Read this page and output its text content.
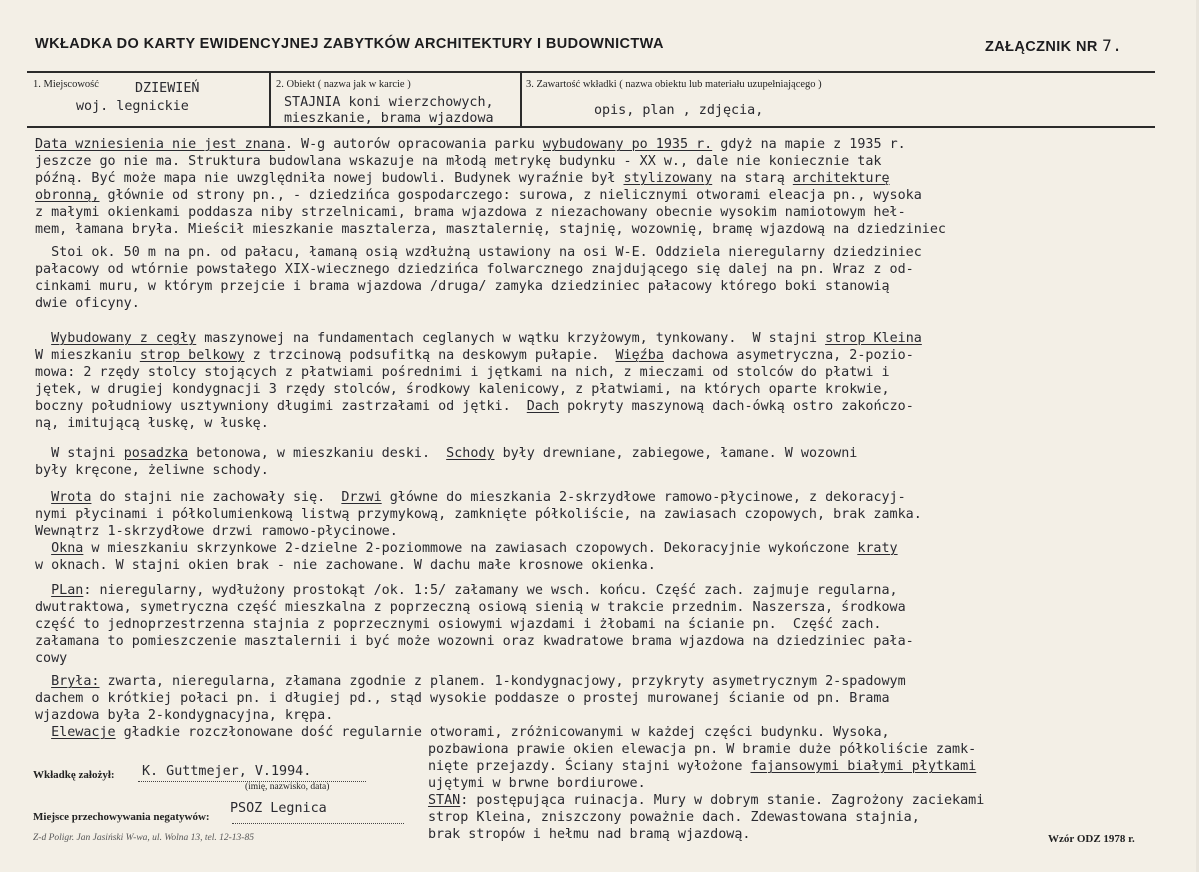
WKŁADKA DO KARTY EWIDENCYJNEJ ZABYTKÓW ARCHITEKTURY I BUDOWNICTWA	ZAŁĄCZNIK NR 7.
1. Miejscowość	DZIEWIEŃ
woj. legnickie
2. Obiekt ( nazwa jak w karcie )
STAJNIA koni wierzchowych,
mieszkanie, brama wjazdowa
3. Zawartość wkładki ( nazwa obiektu lub materiału uzupełniającego )
opis, plan , zdjęcia,
Data wzniesienia nie jest znana. W-g autorów opracowania parku wybudowany po 1935 r. gdyż na mapie z 1935 r.
jeszcze go nie ma. Struktura budowlana wskazuje na młodą metrykę budynku - XX w., dale nie koniecznie tak
późną. Być może mapa nie uwzględniła nowej budowli. Budynek wyraźnie był stylizowany na starą architekturę
obronną, głównie od strony pn., - dziedzińca gospodarczego: surowa, z nielicznymi otworami eleacja pn., wysoka
z małymi okienkami poddasza niby strzelnicami, brama wjazdowa z niezachowany obecnie wysokim namiotowym heł-
mem, łamana bryła. Mieścił mieszkanie masztalerza, masztalernię, stajnię, wozownię, bramę wjazdową na dziedziniec
Stoi ok. 50 m na pn. od pałacu, łamaną osią wzdłużną ustawiony na osi W-E. Oddziela nieregularny dziedziniec
pałacowy od wtórnie powstałego XIX-wiecznego dziedzińca folwarcznego znajdującego się dalej na pn. Wraz z od-
cinkami muru, w którym przejcie i brama wjazdowa /druga/ zamyka dziedziniec pałacowy którego boki stanowią
dwie oficyny.
Wybudowany z cegły maszynowej na fundamentach ceglanych w wątku krzyżowym, tynkowany.  W stajni strop Kleina
W mieszkaniu strop belkowy z trzcinową podsufitką na deskowym pułapie.  Więźba dachowa asymetryczna, 2-pozio-
mowa: 2 rzędy stolcy stojących z płatwiami pośrednimi i jętkami na nich, z mieczami od stolców do płatwi i
jętek, w drugiej kondygnacji 3 rzędy stolców, środkowy kalenicowy, z płatwiami, na których oparte krokwie,
boczny południowy usztywniony długimi zastrzałami od jętki.  Dach pokryty maszynową dach-ówką ostro zakończo-
ną, imitującą łuskę, w łuskę.
W stajni posadzka betonowa, w mieszkaniu deski.  Schody były drewniane, zabiegowe, łamane. W wozowni
były kręcone, żeliwne schody.
Wrota do stajni nie zachowały się.  Drzwi główne do mieszkania 2-skrzydłowe ramowo-płycinowe, z dekoracyj-
nymi płycinami i półkolumienkową listwą przymykową, zamknięte półkoliście, na zawiasach czopowych, brak zamka.
Wewnątrz 1-skrzydłowe drzwi ramowo-płycinowe.
Okna w mieszkaniu skrzynkowe 2-dzielne 2-poziommowe na zawiasach czopowych. Dekoracyjnie wykończone kraty
w oknach. W stajni okien brak - nie zachowane. W dachu małe krosnowe okienka.
PLan: nieregularny, wydłużony prostokąt /ok. 1:5/ załamany we wsch. końcu. Część zach. zajmuje regularna,
dwutraktowa, symetryczna część mieszkalna z poprzeczną osiową sienią w trakcie przednim. Naszersza, środkowa
część to jednoprzestrzenna stajnia z poprzecznymi osiowymi wjazdami i żłobami na ścianie pn.  Część zach.
załamana to pomieszczenie masztalernii i być może wozowni oraz kwadratowe brama wjazdowa na dziedziniec pała-
cowy
Bryła: zwarta, nieregularna, złamana zgodnie z planem. 1-kondygnacjowy, przykryty asymetrycznym 2-spadowym
dachem o krótkiej połaci pn. i długiej pd., stąd wysokie poddasze o prostej murowanej ścianie od pn. Brama
wjazdowa była 2-kondygnacyjna, krępa.
Elewacje gładkie rozczłonowane dość regularnie otworami, zróżnicowanymi w każdej części budynku. Wysoka,
pozbawiona prawie okien elewacja pn. W bramie duże półkoliście zamk-
nięte przejazdy. Ściany stajni wyłożone fajansowymi białymi płytkami
ujętymi w brwne bordiurowe.
STAN: postępująca ruinacja. Mury w dobrym stanie. Zagrożony zaciekami
strop Kleina, zniszczony poważnie dach. Zdewastowana stajnia,
brak stropów i hełmu nad bramą wjazdową.
Wkładkę założył: K. Guttmejer, V.1994.
(imię, nazwisko, data)
PSOZ Legnica
Miejsce przechowywania negatywów:
Z-d Poligr. Jan Jasiński W-wa, ul. Wolna 13, tel. 12-13-85	Wzór ODZ 1978 r.
